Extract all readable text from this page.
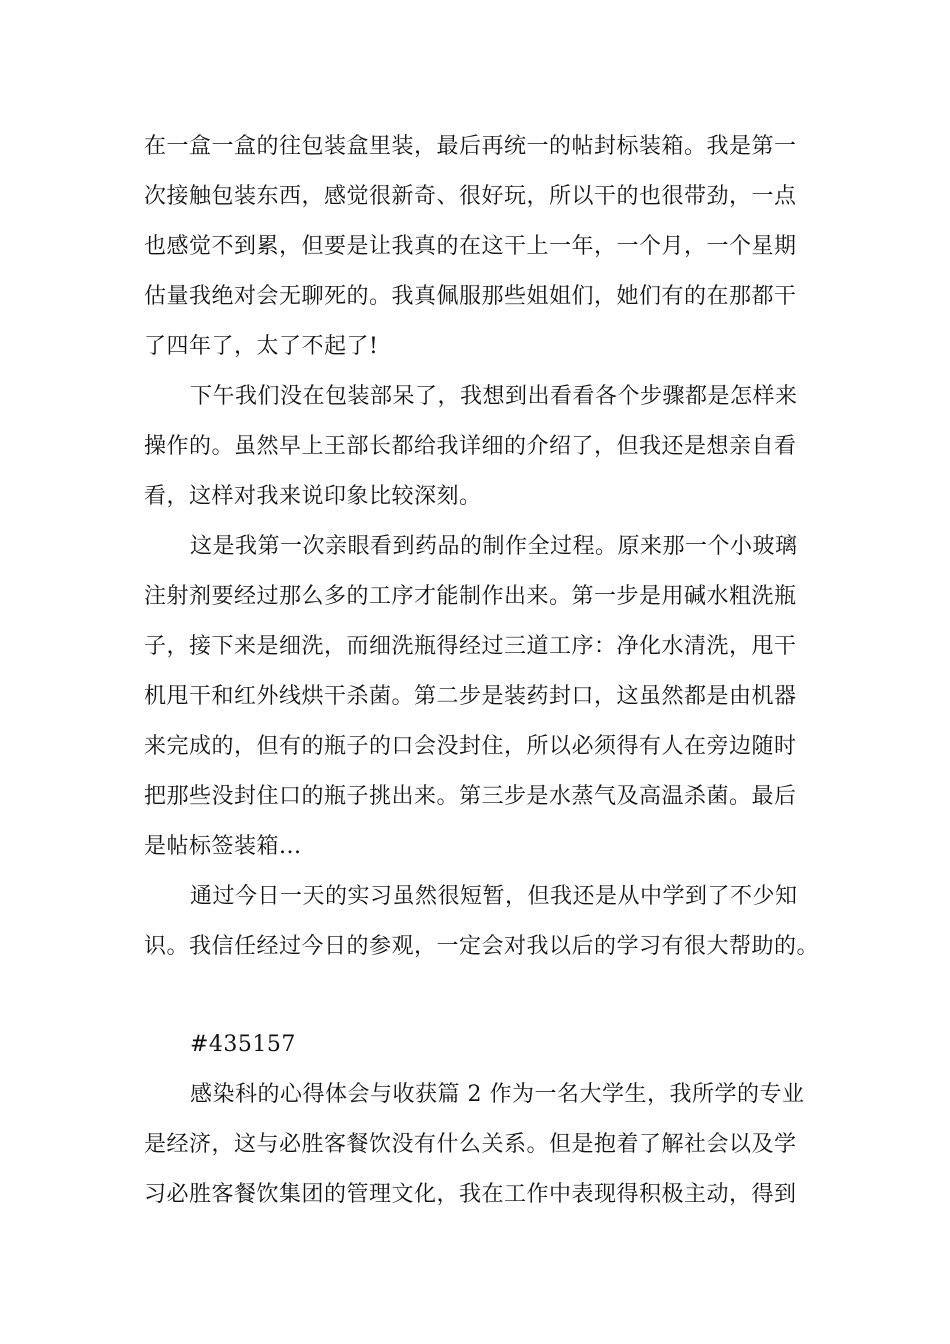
在一盒一盒的往包装盒里装，最后再统一的帖封标装箱。我是第一
次接触包装东西，感觉很新奇、很好玩，所以干的也很带劲，一点
也感觉不到累，但要是让我真的在这干上一年，一个月，一个星期
估量我绝对会无聊死的。我真佩服那些姐姐们，她们有的在那都干
了四年了，太了不起了!
下午我们没在包装部呆了，我想到出看看各个步骤都是怎样来
操作的。虽然早上王部长都给我详细的介绍了，但我还是想亲自看
看，这样对我来说印象比较深刻。
这是我第一次亲眼看到药品的制作全过程。原来那一个小玻璃
注射剂要经过那么多的工序才能制作出来。第一步是用碱水粗洗瓶
子，接下来是细洗，而细洗瓶得经过三道工序：净化水清洗，甩干
机甩干和红外线烘干杀菌。第二步是装药封口，这虽然都是由机器
来完成的，但有的瓶子的口会没封住，所以必须得有人在旁边随时
把那些没封住口的瓶子挑出来。第三步是水蒸气及高温杀菌。最后
是帖标签装箱...
通过今日一天的实习虽然很短暂，但我还是从中学到了不少知
识。我信任经过今日的参观，一定会对我以后的学习有很大帮助的。
#435157
感染科的心得体会与收获篇 2 作为一名大学生，我所学的专业
是经济，这与必胜客餐饮没有什么关系。但是抱着了解社会以及学
习必胜客餐饮集团的管理文化，我在工作中表现得积极主动，得到
